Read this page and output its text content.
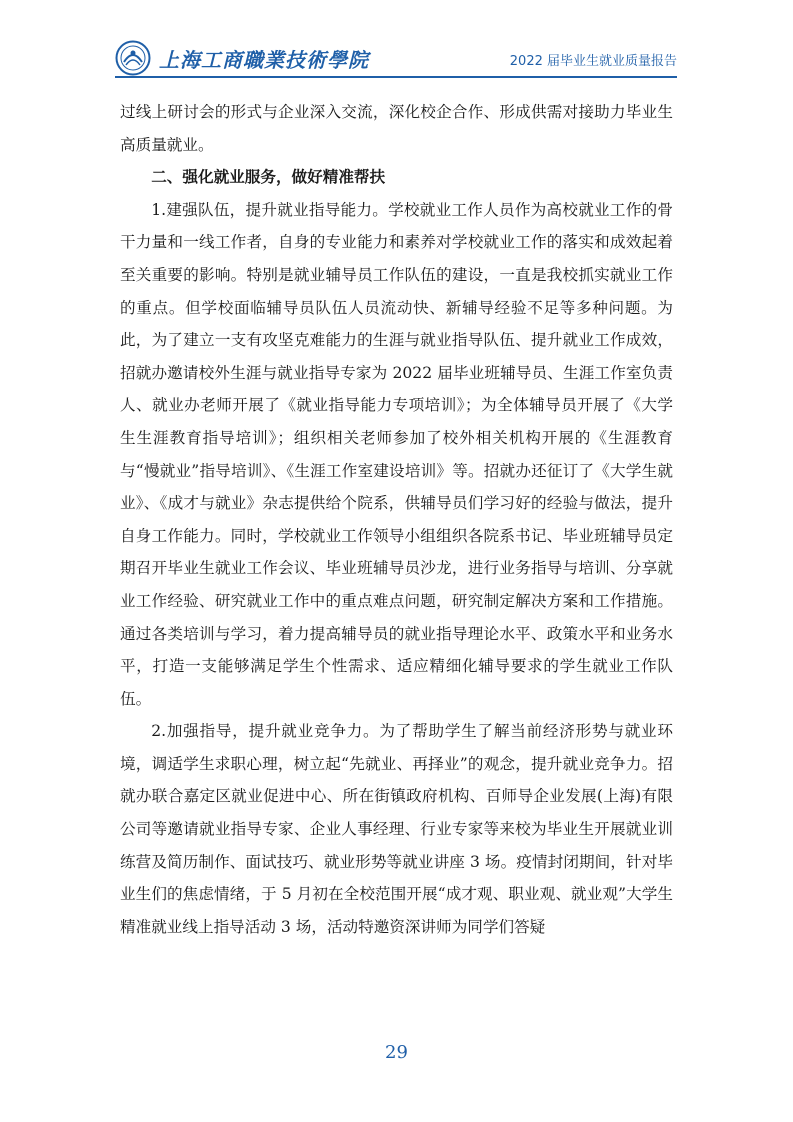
上海工商職業技術學院	2022 届毕业生就业质量报告

过线上研讨会的形式与企业深入交流，深化校企合作、形成供需对接助力毕业生高质量就业。

二、强化就业服务，做好精准帮扶

1.建强队伍，提升就业指导能力。学校就业工作人员作为高校就业工作的骨干力量和一线工作者，自身的专业能力和素养对学校就业工作的落实和成效起着至关重要的影响。特别是就业辅导员工作队伍的建设，一直是我校抓实就业工作的重点。但学校面临辅导员队伍人员流动快、新辅导经验不足等多种问题。为此，为了建立一支有攻坚克难能力的生涯与就业指导队伍、提升就业工作成效，招就办邀请校外生涯与就业指导专家为 2022 届毕业班辅导员、生涯工作室负责人、就业办老师开展了《就业指导能力专项培训》；为全体辅导员开展了《大学生生涯教育指导培训》；组织相关老师参加了校外相关机构开展的《生涯教育与“慢就业”指导培训》、《生涯工作室建设培训》等。招就办还征订了《大学生就业》、《成才与就业》杂志提供给个院系，供辅导员们学习好的经验与做法，提升自身工作能力。同时，学校就业工作领导小组组织各院系书记、毕业班辅导员定期召开毕业生就业工作会议、毕业班辅导员沙龙，进行业务指导与培训、分享就业工作经验、研究就业工作中的重点难点问题，研究制定解决方案和工作措施。通过各类培训与学习，着力提高辅导员的就业指导理论水平、政策水平和业务水平，打造一支能够满足学生个性需求、适应精细化辅导要求的学生就业工作队伍。

2.加强指导，提升就业竞争力。为了帮助学生了解当前经济形势与就业环境，调适学生求职心理，树立起“先就业、再择业”的观念，提升就业竞争力。招就办联合嘉定区就业促进中心、所在街镇政府机构、百师导企业发展(上海)有限公司等邀请就业指导专家、企业人事经理、行业专家等来校为毕业生开展就业训练营及简历制作、面试技巧、就业形势等就业讲座 3 场。疫情封闭期间，针对毕业生们的焦虑情绪，于 5 月初在全校范围开展“成才观、职业观、就业观”大学生精准就业线上指导活动 3 场，活动特邀资深讲师为同学们答疑

29
